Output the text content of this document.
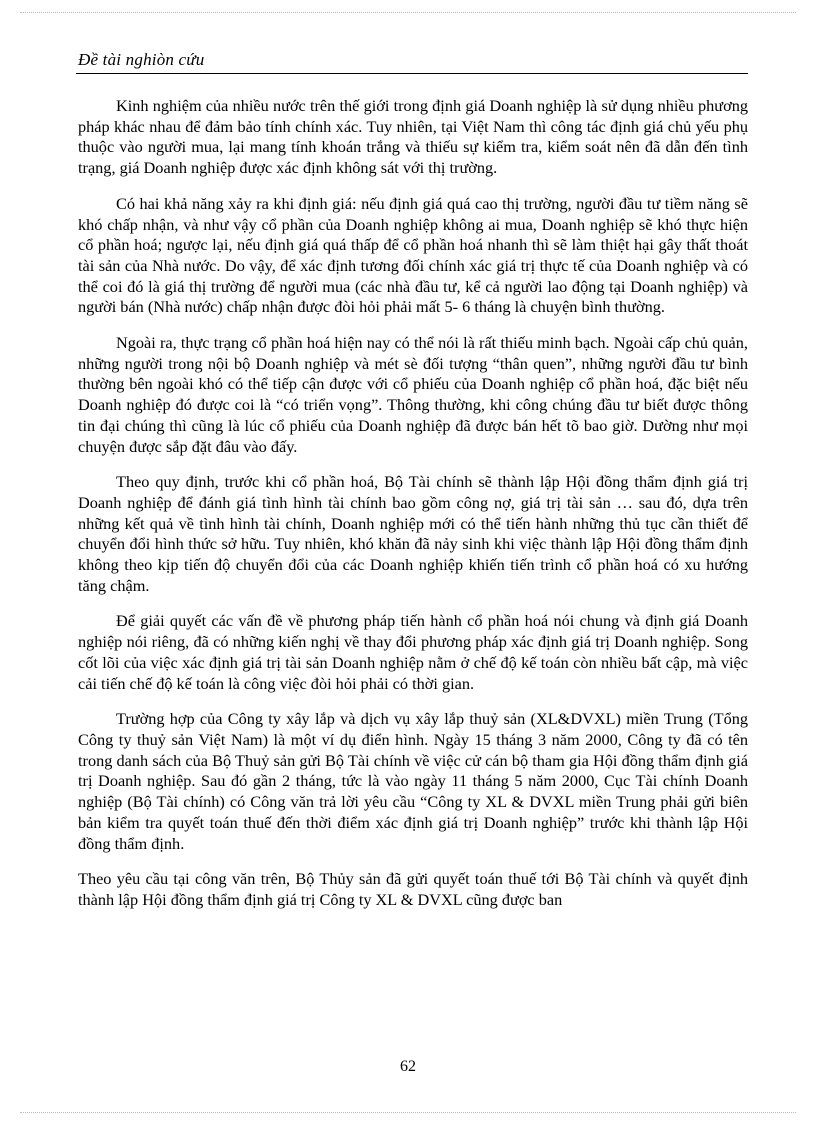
Đề tài nghiòn cứu

Kinh nghiệm của nhiều nước trên thế giới trong định giá Doanh nghiệp là sử dụng nhiều phương pháp khác nhau để đảm bảo tính chính xác. Tuy nhiên, tại Việt Nam thì công tác định giá chủ yếu phụ thuộc vào người mua, lại mang tính khoán trắng và thiếu sự kiểm tra, kiểm soát nên đã dẫn đến tình trạng, giá Doanh nghiệp được xác định không sát với thị trường.

Có hai khả năng xảy ra khi định giá: nếu định giá quá cao thị trường, người đầu tư tiềm năng sẽ khó chấp nhận, và như vậy cổ phần của Doanh nghiệp không ai mua, Doanh nghiệp sẽ khó thực hiện cổ phần hoá; ngược lại, nếu định giá quá thấp để cổ phần hoá nhanh thì sẽ làm thiệt hại gây thất thoát tài sản của Nhà nước. Do vậy, để xác định tương đối chính xác giá trị thực tế của Doanh nghiệp và có thể coi đó là giá thị trường để người mua (các nhà đầu tư, kể cả người lao động tại Doanh nghiệp) và người bán (Nhà nước) chấp nhận được đòi hỏi phải mất 5- 6 tháng là chuyện bình thường.

Ngoài ra, thực trạng cổ phần hoá hiện nay có thể nói là rất thiếu minh bạch. Ngoài cấp chủ quản, những người trong nội bộ Doanh nghiệp và mét sè đối tượng “thân quen”, những người đầu tư bình thường bên ngoài khó có thể tiếp cận được với cổ phiếu của Doanh nghiệp cổ phần hoá, đặc biệt nếu Doanh nghiệp đó được coi là “có triển vọng”. Thông thường, khi công chúng đầu tư biết được thông tin đại chúng thì cũng là lúc cổ phiếu của Doanh nghiệp đã được bán hết tõ bao giờ. Dường như mọi chuyện được sắp đặt đâu vào đấy.

Theo quy định, trước khi cổ phần hoá, Bộ Tài chính sẽ thành lập Hội đồng thẩm định giá trị Doanh nghiệp để đánh giá tình hình tài chính bao gồm công nợ, giá trị tài sản … sau đó, dựa trên những kết quả về tình hình tài chính, Doanh nghiệp mới có thể tiến hành những thủ tục cần thiết để chuyển đổi hình thức sở hữu. Tuy nhiên, khó khăn đã nảy sinh khi việc thành lập Hội đồng thẩm định không theo kịp tiến độ chuyển đổi của các Doanh nghiệp khiến tiến trình cổ phần hoá có xu hướng tăng chậm.

Để giải quyết các vấn đề về phương pháp tiến hành cổ phần hoá nói chung và định giá Doanh nghiệp nói riêng, đã có những kiến nghị về thay đổi phương pháp xác định giá trị Doanh nghiệp. Song cốt lõi của việc xác định giá trị tài sản Doanh nghiệp nằm ở chế độ kế toán còn nhiều bất cập, mà việc cải tiến chế độ kế toán là công việc đòi hỏi phải có thời gian.

Trường hợp của Công ty xây lắp và dịch vụ xây lắp thuỷ sản (XL&DVXL) miền Trung (Tổng Công ty thuỷ sản Việt Nam) là một ví dụ điển hình. Ngày 15 tháng 3 năm 2000, Công ty đã có tên trong danh sách của Bộ Thuỷ sản gửi Bộ Tài chính về việc cử cán bộ tham gia Hội đồng thẩm định giá trị Doanh nghiệp. Sau đó gần 2 tháng, tức là vào ngày 11 tháng 5 năm 2000, Cục Tài chính Doanh nghiệp (Bộ Tài chính) có Công văn trả lời yêu cầu “Công ty XL & DVXL miền Trung phải gửi biên bản kiểm tra quyết toán thuế đến thời điểm xác định giá trị Doanh nghiệp” trước khi thành lập Hội đồng thẩm định.

Theo yêu cầu tại công văn trên, Bộ Thủy sản đã gửi quyết toán thuế tới Bộ Tài chính và quyết định thành lập Hội đồng thẩm định giá trị Công ty XL & DVXL cũng được ban

62
